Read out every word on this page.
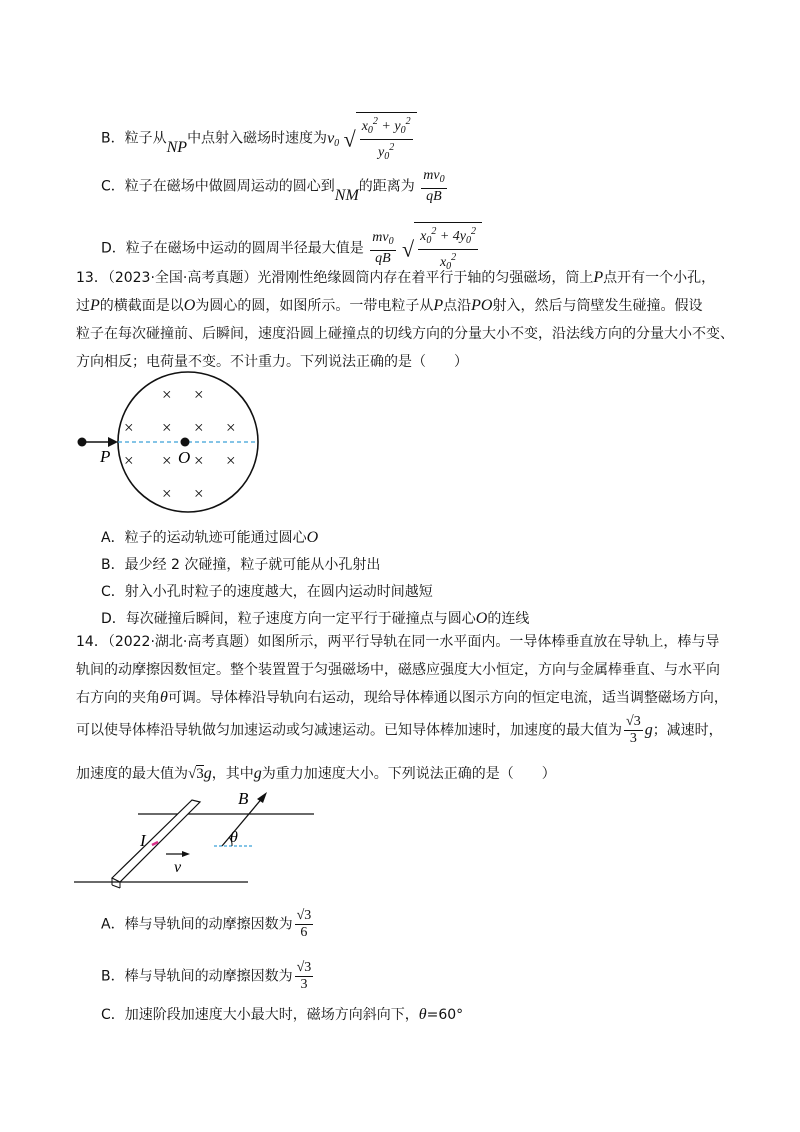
B．粒子从NP中点射入磁场时速度为$v_0$ √ $\frac{x_0^2 + y_0^2}{y_0^2}$
C．粒子在磁场中做圆周运动的圆心到NM的距离为 $\frac{mv_0}{qB}$
D．粒子在磁场中运动的圆周半径最大值是 $\frac{mv_0}{qB}$ √ $\frac{x_0^2 + 4y_0^2}{x_0^2}$
13．（2023·全国·高考真题）光滑刚性绝缘圆筒内存在着平行于轴的匀强磁场，筒上P点开有一个小孔，
过P的横截面是以O为圆心的圆，如图所示。一带电粒子从P点沿PO射入，然后与筒壁发生碰撞。假设
粒子在每次碰撞前、后瞬间，速度沿圆上碰撞点的切线方向的分量大小不变，沿法线方向的分量大小不变、
方向相反；电荷量不变。不计重力。下列说法正确的是（　　）
P	O
× ×
× × × ×
× × × ×
× ×
A．粒子的运动轨迹可能通过圆心O
B．最少经 2 次碰撞，粒子就可能从小孔射出
C．射入小孔时粒子的速度越大，在圆内运动时间越短
D．每次碰撞后瞬间，粒子速度方向一定平行于碰撞点与圆心O的连线
14．（2022·湖北·高考真题）如图所示，两平行导轨在同一水平面内。一导体棒垂直放在导轨上，棒与导
轨间的动摩擦因数恒定。整个装置置于匀强磁场中，磁感应强度大小恒定，方向与金属棒垂直、与水平向
右方向的夹角θ可调。导体棒沿导轨向右运动，现给导体棒通以图示方向的恒定电流，适当调整磁场方向，
可以使导体棒沿导轨做匀加速运动或匀减速运动。已知导体棒加速时，加速度的最大值为 $\frac{√3}{3}$ g；减速时，
加速度的最大值为√3g，其中g为重力加速度大小。下列说法正确的是（　　）
I
v
B
θ
A．棒与导轨间的动摩擦因数为 $\frac{√3}{6}$
B．棒与导轨间的动摩擦因数为 $\frac{√3}{3}$
C．加速阶段加速度大小最大时，磁场方向斜向下，θ=60°
